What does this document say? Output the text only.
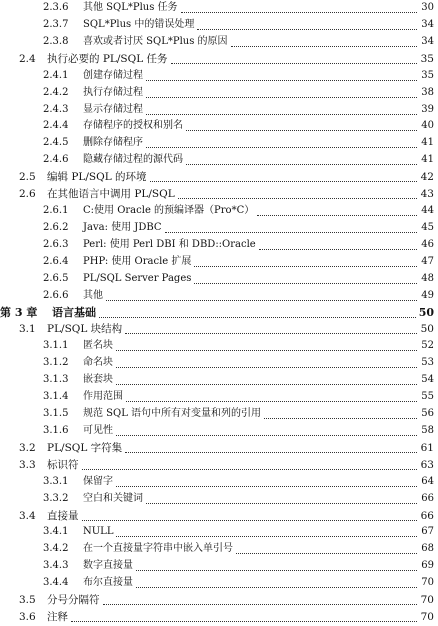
2.3.6	其他 SQL*Plus 任务	30
2.3.7	SQL*Plus 中的错误处理	34
2.3.8	喜欢或者讨厌 SQL*Plus 的原因	34
2.4	执行必要的 PL/SQL 任务	35
2.4.1	创建存储过程	35
2.4.2	执行存储过程	38
2.4.3	显示存储过程	39
2.4.4	存储程序的授权和别名	40
2.4.5	删除存储程序	41
2.4.6	隐藏存储过程的源代码	41
2.5	编辑 PL/SQL 的环境	42
2.6	在其他语言中调用 PL/SQL	43
2.6.1	C:使用 Oracle 的预编译器（Pro*C）	44
2.6.2	Java: 使用 JDBC	45
2.6.3	Perl: 使用 Perl DBI 和 DBD::Oracle	46
2.6.4	PHP: 使用 Oracle 扩展	47
2.6.5	PL/SQL Server Pages	48
2.6.6	其他	49
第 3 章	语言基础	50
3.1	PL/SQL 块结构	50
3.1.1	匿名块	52
3.1.2	命名块	53
3.1.3	嵌套块	54
3.1.4	作用范围	55
3.1.5	规范 SQL 语句中所有对变量和列的引用	56
3.1.6	可见性	58
3.2	PL/SQL 字符集	61
3.3	标识符	63
3.3.1	保留字	64
3.3.2	空白和关键词	66
3.4	直接量	66
3.4.1	NULL	67
3.4.2	在一个直接量字符串中嵌入单引号	68
3.4.3	数字直接量	69
3.4.4	布尔直接量	70
3.5	分号分隔符	70
3.6	注释	70
